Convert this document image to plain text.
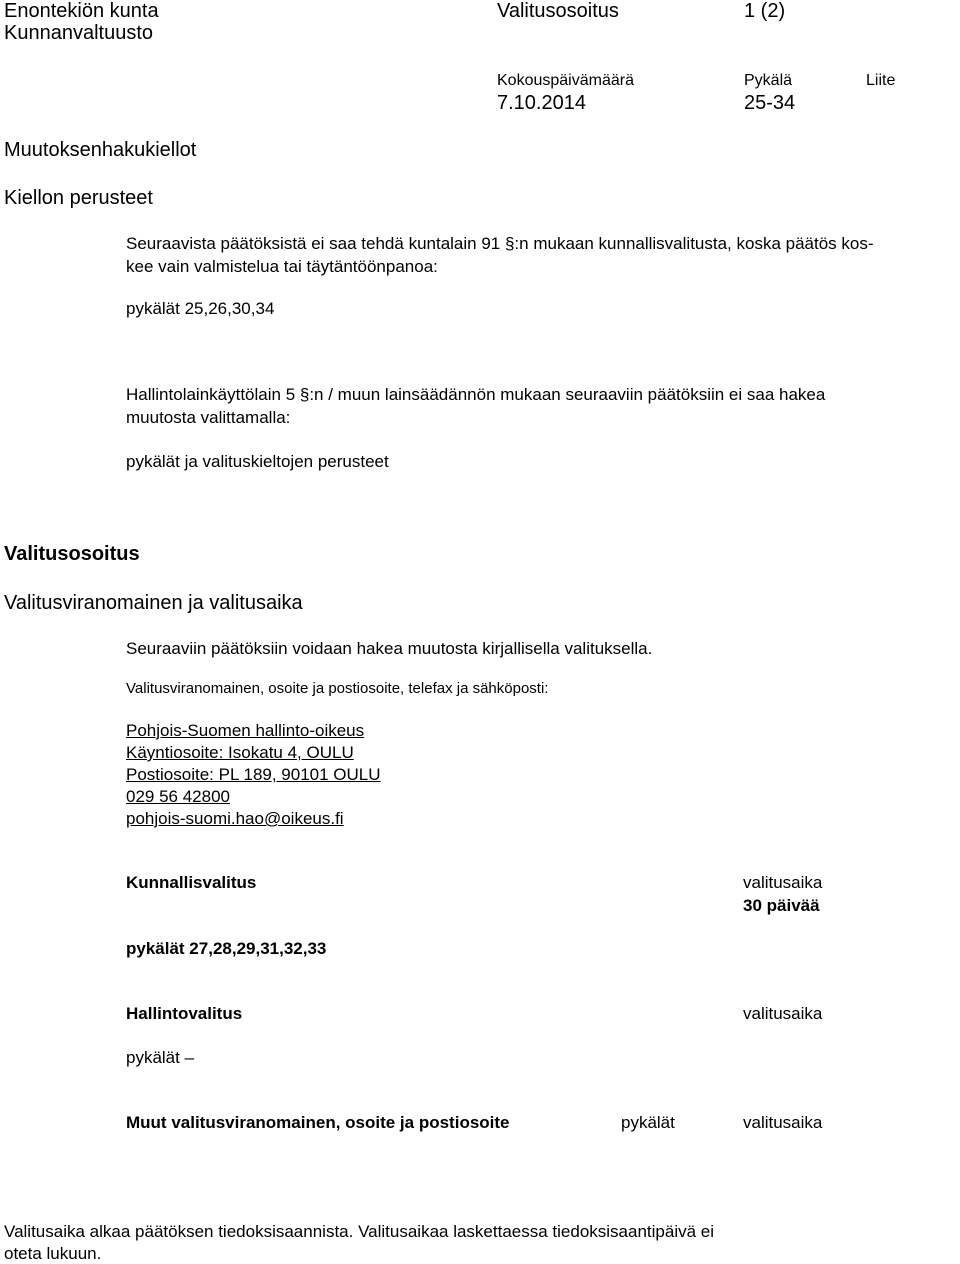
Enontekiön kunta
Kunnanvaltuusto
Valitusosoitus	1 (2)
Kokouspäivämäärä	Pykälä	Liite
7.10.2014	25-34
Muutoksenhakukiellot
Kiellon perusteet
Seuraavista päätöksistä ei saa tehdä kuntalain 91 §:n mukaan kunnallisvalitusta, koska päätös kos-
kee vain valmistelua tai täytäntöönpanoa:
pykälät 25,26,30,34
Hallintolainkäyttölain 5 §:n / muun lainsäädännön mukaan seuraaviin päätöksiin ei saa hakea
muutosta valittamalla:
pykälät ja valituskieltojen perusteet
Valitusosoitus
Valitusviranomainen ja valitusaika
Seuraaviin päätöksiin voidaan hakea muutosta kirjallisella valituksella.
Valitusviranomainen, osoite ja postiosoite, telefax ja sähköposti:
Pohjois-Suomen hallinto-oikeus
Käyntiosoite: Isokatu 4, OULU
Postiosoite: PL 189, 90101 OULU
029 56 42800
pohjois-suomi.hao@oikeus.fi
Kunnallisvalitus	valitusaika
30 päivää
pykälät 27,28,29,31,32,33
Hallintovalitus	valitusaika
pykälät –
Muut valitusviranomainen, osoite ja postiosoite	pykälät	valitusaika
Valitusaika alkaa päätöksen tiedoksisaannista. Valitusaikaa laskettaessa tiedoksisaantipäivä ei
oteta lukuun.
